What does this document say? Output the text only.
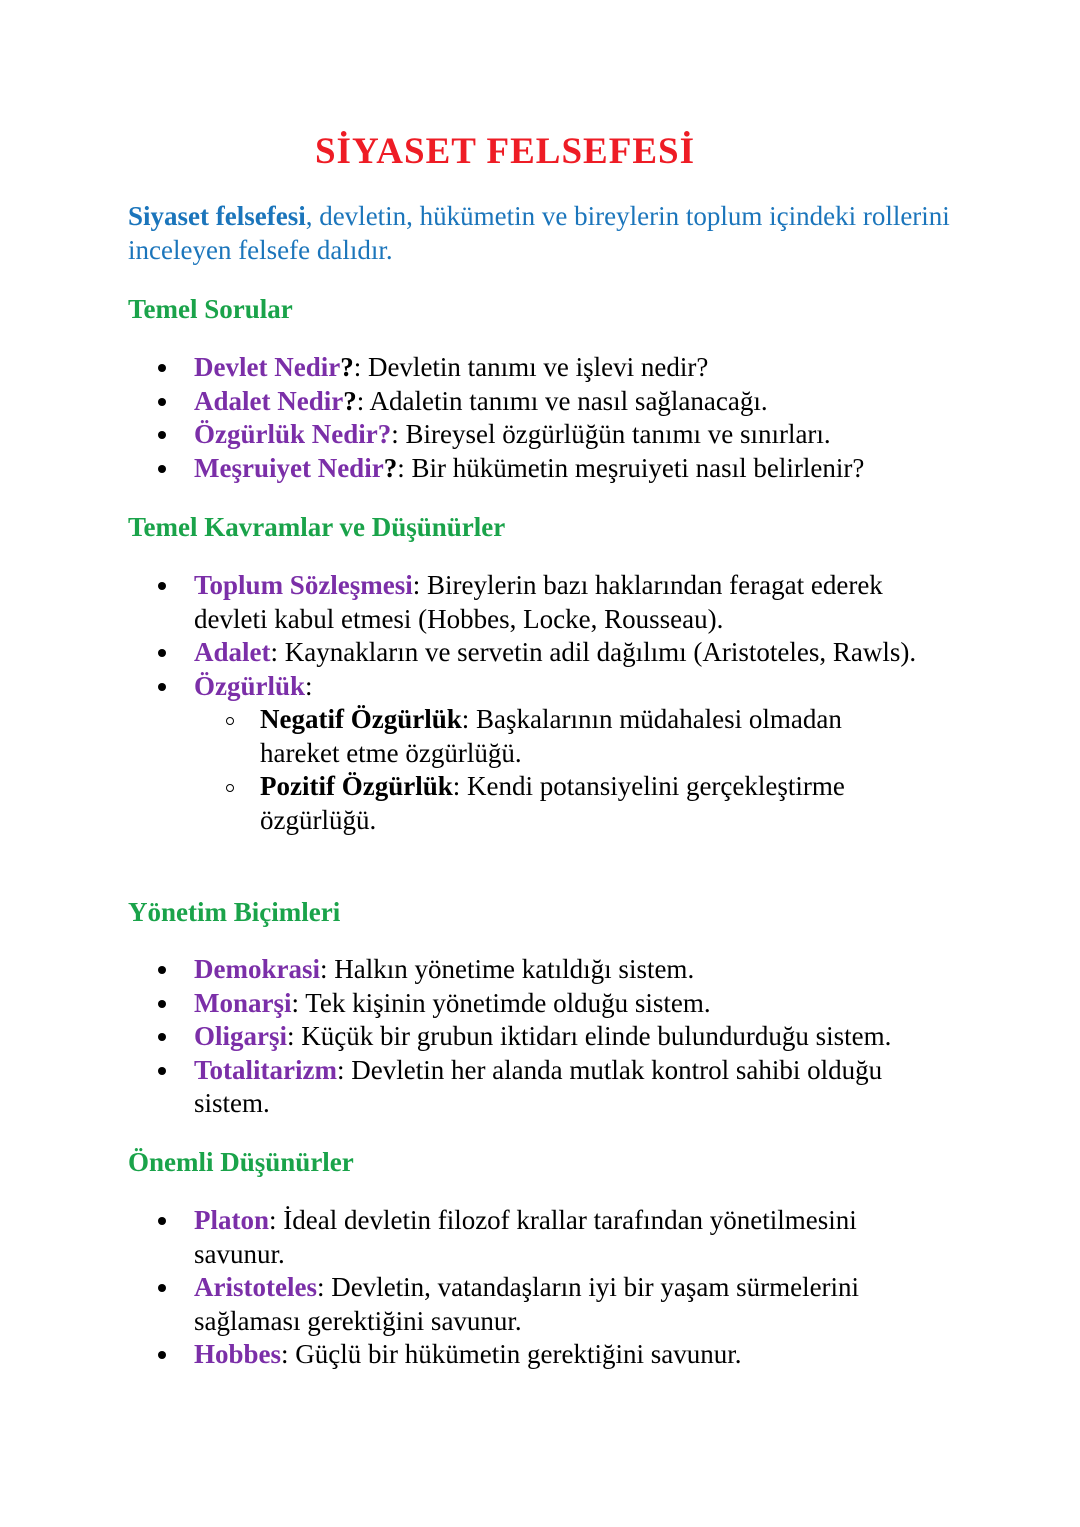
SİYASET FELSEFESİ

Siyaset felsefesi, devletin, hükümetin ve bireylerin toplum içindeki rollerini inceleyen felsefe dalıdır.

Temel Sorular
Devlet Nedir?: Devletin tanımı ve işlevi nedir?
Adalet Nedir?: Adaletin tanımı ve nasıl sağlanacağı.
Özgürlük Nedir?: Bireysel özgürlüğün tanımı ve sınırları.
Meşruiyet Nedir?: Bir hükümetin meşruiyeti nasıl belirlenir?
Temel Kavramlar ve Düşünürler
Toplum Sözleşmesi: Bireylerin bazı haklarından feragat ederek devleti kabul etmesi (Hobbes, Locke, Rousseau).
Adalet: Kaynakların ve servetin adil dağılımı (Aristoteles, Rawls).
Özgürlük:
Negatif Özgürlük: Başkalarının müdahalesi olmadan hareket etme özgürlüğü.
Pozitif Özgürlük: Kendi potansiyelini gerçekleştirme özgürlüğü.
Yönetim Biçimleri
Demokrasi: Halkın yönetime katıldığı sistem.
Monarşi: Tek kişinin yönetimde olduğu sistem.
Oligarşi: Küçük bir grubun iktidarı elinde bulundurduğu sistem.
Totalitarizm: Devletin her alanda mutlak kontrol sahibi olduğu sistem.
Önemli Düşünürler
Platon: İdeal devletin filozof krallar tarafından yönetilmesini savunur.
Aristoteles: Devletin, vatandaşların iyi bir yaşam sürmelerini sağlaması gerektiğini savunur.
Hobbes: Güçlü bir hükümetin gerektiğini savunur.
